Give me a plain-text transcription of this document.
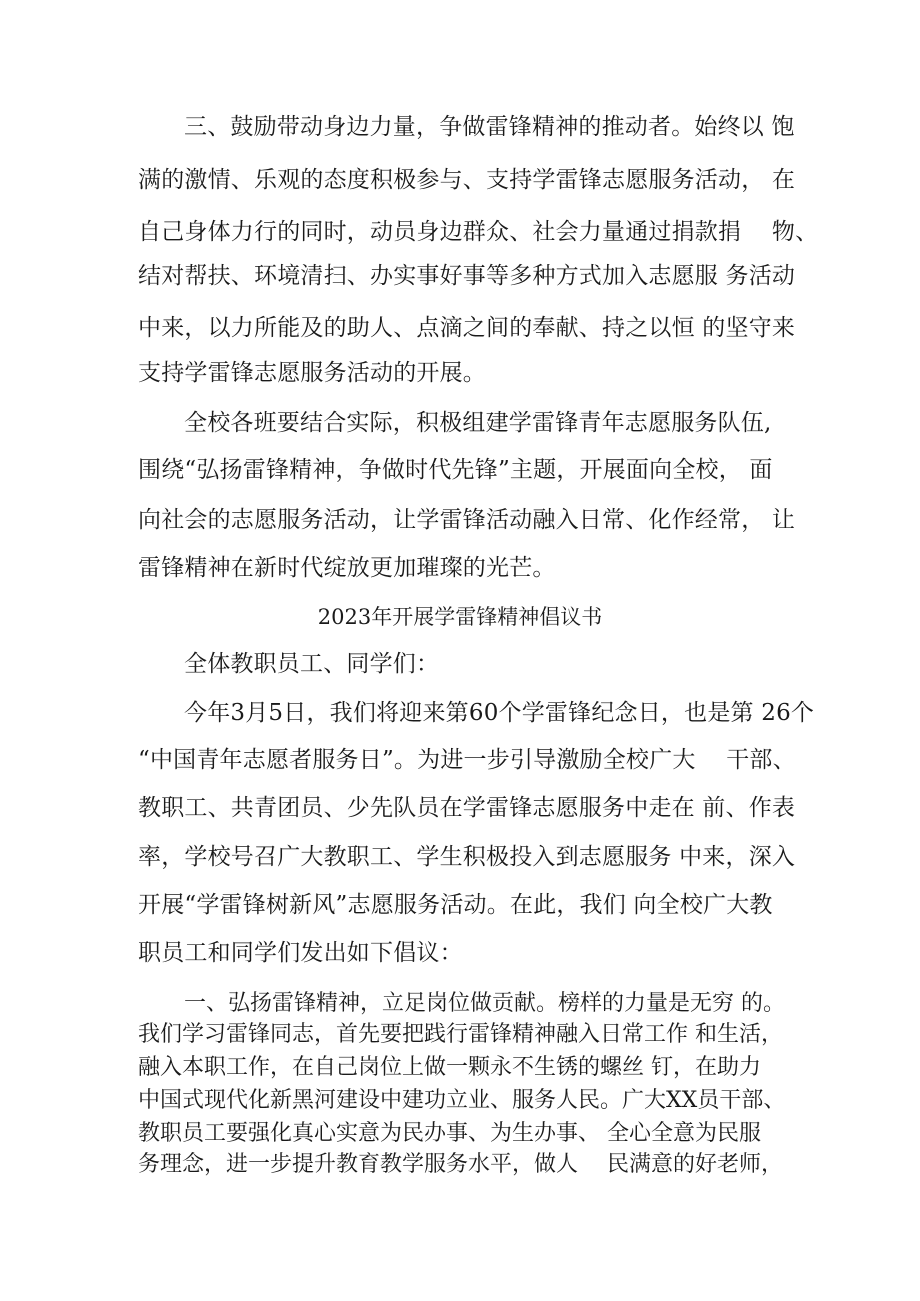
三、鼓励带动身边力量，争做雷锋精神的推动者。始终以 饱
满的激情、乐观的态度积极参与、支持学雷锋志愿服务活动， 在
自己身体力行的同时，动员身边群众、社会力量通过捐款捐　 物、
结对帮扶、环境清扫、办实事好事等多种方式加入志愿服 务活动
中来，以力所能及的助人、点滴之间的奉献、持之以恒 的坚守来
支持学雷锋志愿服务活动的开展。
全校各班要结合实际，积极组建学雷锋青年志愿服务队伍,
围绕“弘扬雷锋精神，争做时代先锋”主题，开展面向全校， 面
向社会的志愿服务活动，让学雷锋活动融入日常、化作经常， 让
雷锋精神在新时代绽放更加璀璨的光芒。
2023年开展学雷锋精神倡议书
全体教职员工、同学们：
今年3月5日，我们将迎来第60个学雷锋纪念日，也是第 26个
“中国青年志愿者服务日”。为进一步引导激励全校广大　 干部、
教职工、共青团员、少先队员在学雷锋志愿服务中走在 前、作表
率，学校号召广大教职工、学生积极投入到志愿服务 中来，深入
开展“学雷锋树新风”志愿服务活动。在此，我们 向全校广大教
职员工和同学们发出如下倡议：
一、弘扬雷锋精神，立足岗位做贡献。榜样的力量是无穷 的。
我们学习雷锋同志，首先要把践行雷锋精神融入日常工作 和生活，
融入本职工作，在自己岗位上做一颗永不生锈的螺丝 钉，在助力
中国式现代化新黑河建设中建功立业、服务人民。广大XX员干部、
教职员工要强化真心实意为民办事、为生办事、 全心全意为民服
务理念，进一步提升教育教学服务水平，做人　 民满意的好老师，
